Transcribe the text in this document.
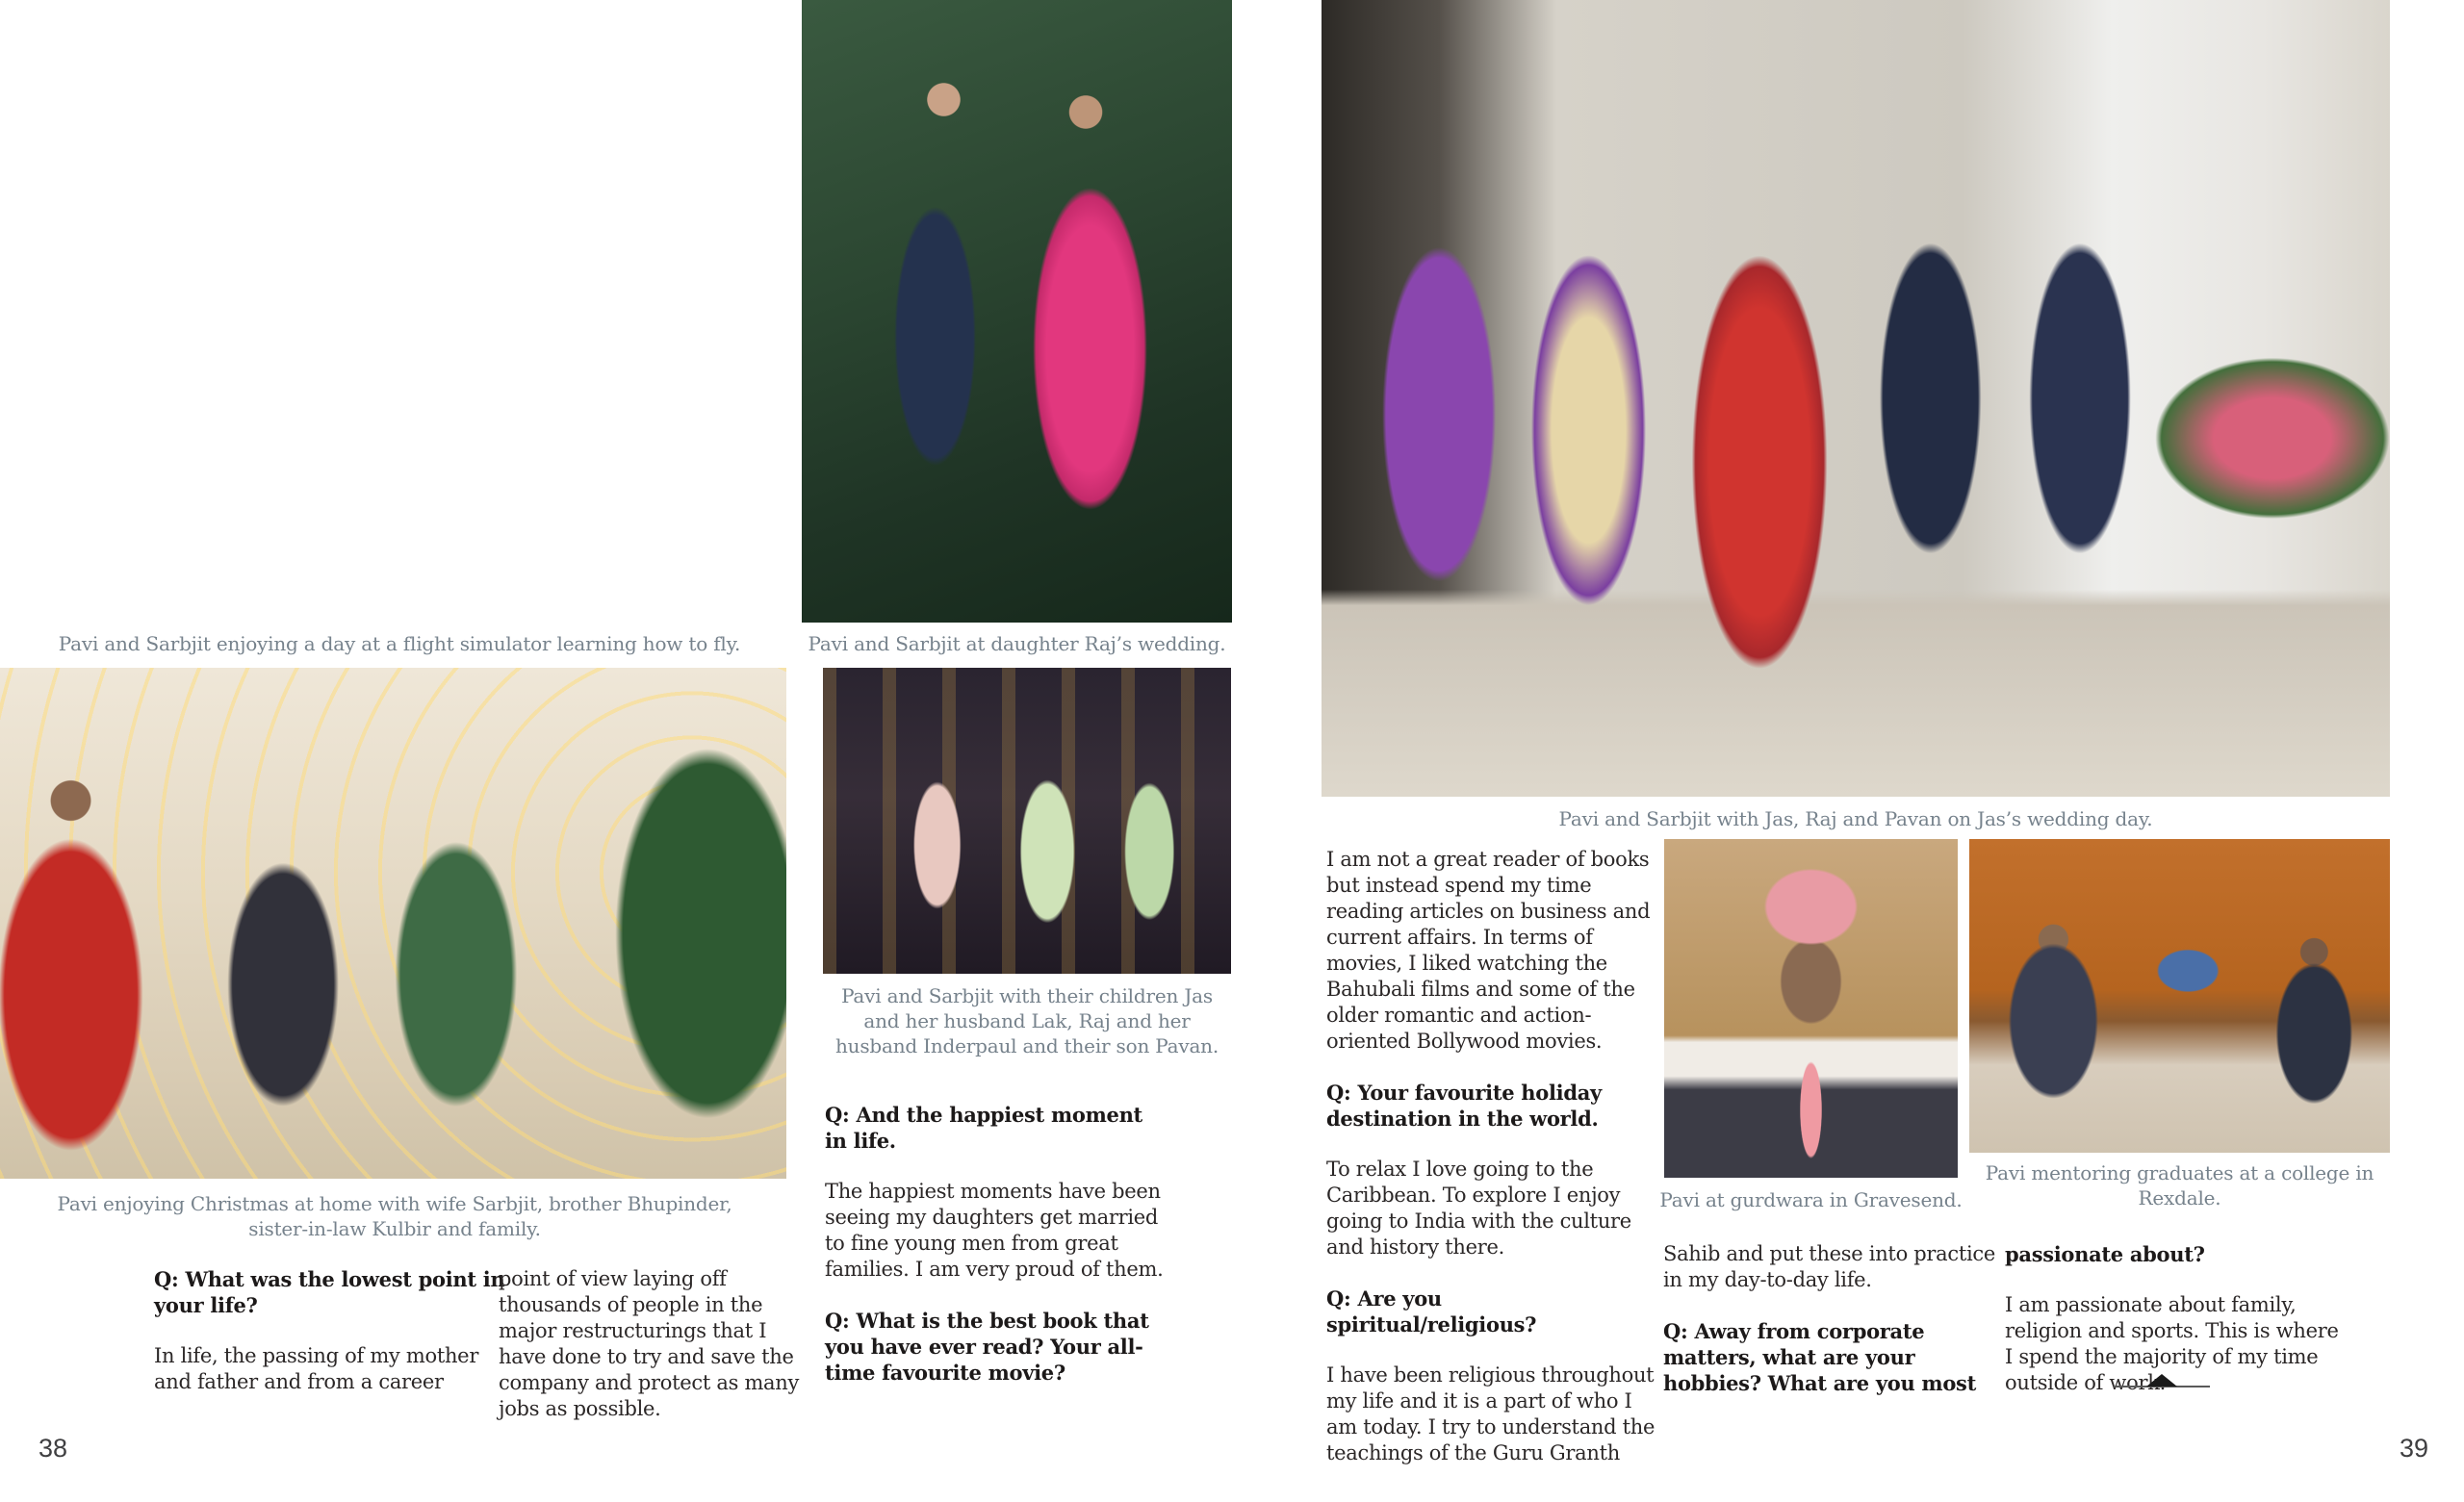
Pavi and Sarbjit enjoying a day at a flight simulator learning how to fly.	Pavi and Sarbjit at daughter Raj’s wedding.
Pavi enjoying Christmas at home with wife Sarbjit, brother Bhupinder, sister-in-law Kulbir and family.
Pavi and Sarbjit with their children Jas and her husband Lak, Raj and her husband Inderpaul and their son Pavan.

Q: What was the lowest point in your life?

In life, the passing of my mother and father and from a career

point of view laying off thousands of people in the major restructurings that I have done to try and save the company and protect as many jobs as possible.

Q: And the happiest moment in life.

The happiest moments have been seeing my daughters get married to fine young men from great families. I am very proud of them.

Q: What is the best book that you have ever read? Your all-time favourite movie?

38
Pavi and Sarbjit with Jas, Raj and Pavan on Jas’s wedding day.

I am not a great reader of books but instead spend my time reading articles on business and current affairs. In terms of movies, I liked watching the Bahubali films and some of the older romantic and action-oriented Bollywood movies.

Q: Your favourite holiday destination in the world.

To relax I love going to the Caribbean. To explore I enjoy going to India with the culture and history there.

Q: Are you spiritual/religious?

I have been religious throughout my life and it is a part of who I am today. I try to understand the teachings of the Guru Granth

Pavi at gurdwara in Gravesend.
Pavi mentoring graduates at a college in Rexdale.

Sahib and put these into practice in my day-to-day life.

Q: Away from corporate matters, what are your hobbies? What are you most

passionate about?

I am passionate about family, religion and sports. This is where I spend the majority of my time outside of work.

39
